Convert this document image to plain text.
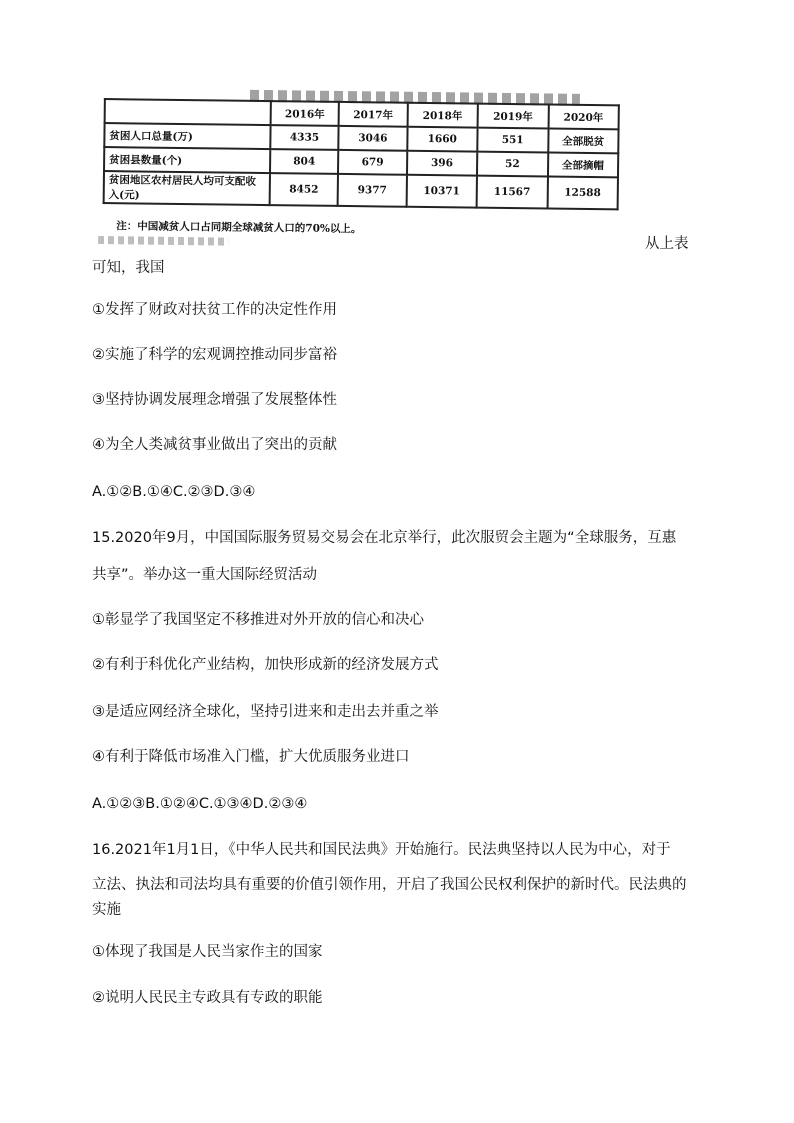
	2016年	2017年	2018年	2019年	2020年
贫困人口总量(万)	4335	3046	1660	551	全部脱贫
贫困县数量(个)	804	679	396	52	全部摘帽
贫困地区农村居民人均可支配收入(元)	8452	9377	10371	11567	12588
注：中国减贫人口占同期全球减贫人口的70%以上。
从上表
可知，我国
①发挥了财政对扶贫工作的决定性作用
②实施了科学的宏观调控推动同步富裕
③坚持协调发展理念增强了发展整体性
④为全人类减贫事业做出了突出的贡献
A.①②B.①④C.②③D.③④
15.2020年9月，中国国际服务贸易交易会在北京举行，此次服贸会主题为“全球服务，互惠
共享”。举办这一重大国际经贸活动
①彰显学了我国坚定不移推进对外开放的信心和决心
②有利于科优化产业结构，加快形成新的经济发展方式
③是适应网经济全球化，坚持引进来和走出去并重之举
④有利于降低市场准入门槛，扩大优质服务业进口
A.①②③B.①②④C.①③④D.②③④
16.2021年1月1日，《中华人民共和国民法典》开始施行。民法典坚持以人民为中心，对于
立法、执法和司法均具有重要的价值引领作用，开启了我国公民权利保护的新时代。民法典的
实施
①体现了我国是人民当家作主的国家
②说明人民民主专政具有专政的职能
